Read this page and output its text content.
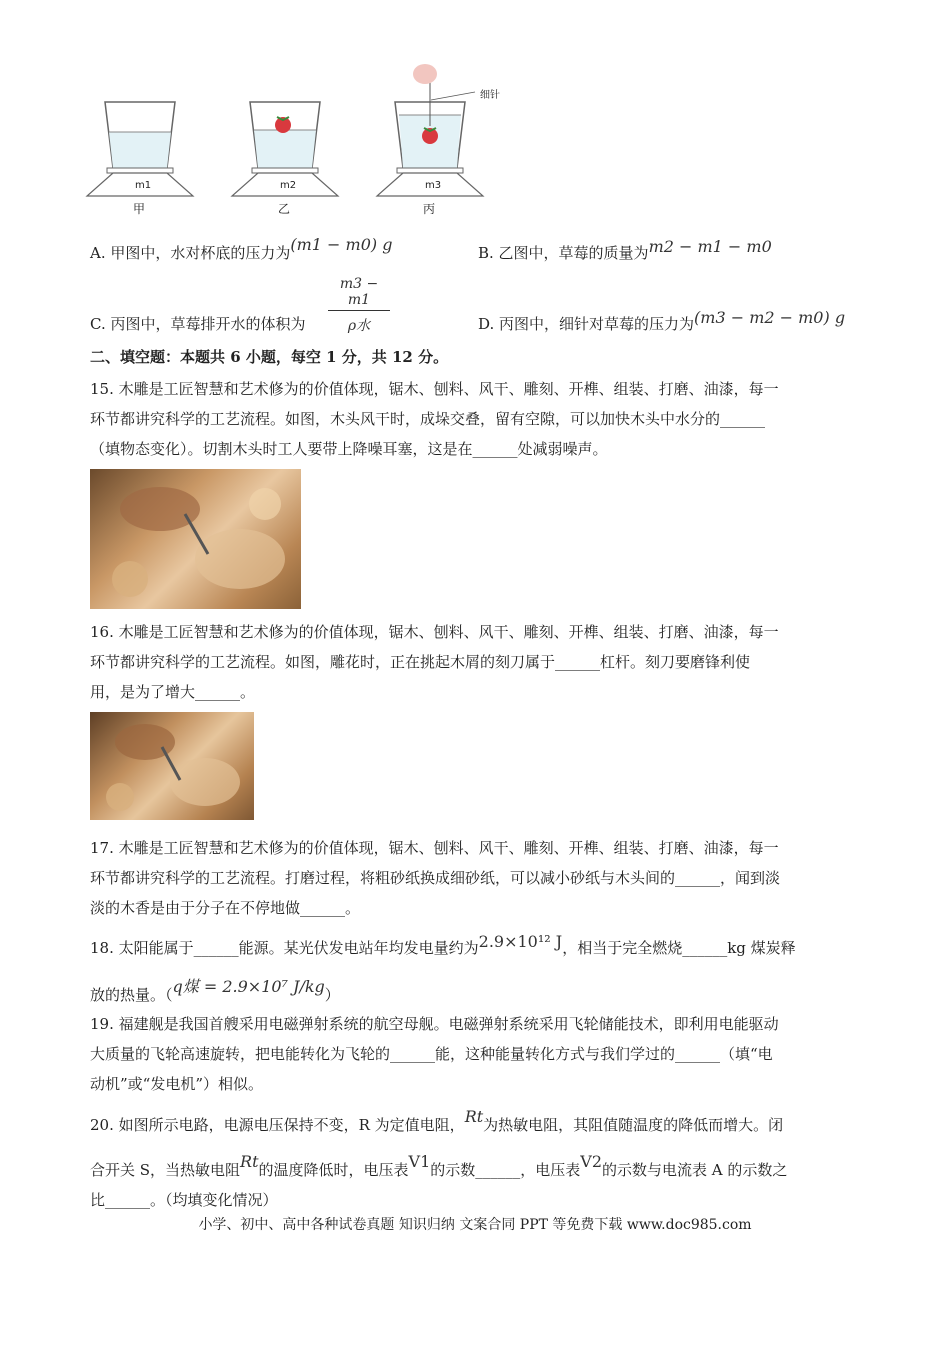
细针
m1	m2	m3
甲	乙	丙
A. 甲图中，水对杯底的压力为(m1 − m0) g	B. 乙图中，草莓的质量为m2 − m1 − m0
C. 丙图中，草莓排开水的体积为
m3 − m1
ρ水	D. 丙图中，细针对草莓的压力为(m3 − m2 − m0) g
二、填空题：本题共 6 小题，每空 1 分，共 12 分。
15. 木雕是工匠智慧和艺术修为的价值体现，锯木、刨料、风干、雕刻、开榫、组装、打磨、油漆，每一
环节都讲究科学的工艺流程。如图，木头风干时，成垛交叠，留有空隙，可以加快木头中水分的______
（填物态变化）。切割木头时工人要带上降噪耳塞，这是在______处减弱噪声。
16. 木雕是工匠智慧和艺术修为的价值体现，锯木、刨料、风干、雕刻、开榫、组装、打磨、油漆，每一
环节都讲究科学的工艺流程。如图，雕花时，正在挑起木屑的刻刀属于______杠杆。刻刀要磨锋利使
用，是为了增大______。
17. 木雕是工匠智慧和艺术修为的价值体现，锯木、刨料、风干、雕刻、开榫、组装、打磨、油漆，每一
环节都讲究科学的工艺流程。打磨过程，将粗砂纸换成细砂纸，可以减小砂纸与木头间的______，闻到淡
淡的木香是由于分子在不停地做______。
18. 太阳能属于______能源。某光伏发电站年均发电量约为2.9×10¹² J，相当于完全燃烧______kg 煤炭释
放的热量。（q煤 = 2.9×10⁷ J/kg）
19. 福建舰是我国首艘采用电磁弹射系统的航空母舰。电磁弹射系统采用飞轮储能技术，即利用电能驱动
大质量的飞轮高速旋转，把电能转化为飞轮的______能，这种能量转化方式与我们学过的______（填“电
动机”或“发电机”）相似。
20. 如图所示电路，电源电压保持不变，R 为定值电阻，Rt为热敏电阻，其阻值随温度的降低而增大。闭
合开关 S，当热敏电阻Rt的温度降低时，电压表V1的示数______，电压表V2的示数与电流表 A 的示数之
比______。（均填变化情况）
小学、初中、高中各种试卷真题 知识归纳 文案合同 PPT 等免费下载 www.doc985.com
